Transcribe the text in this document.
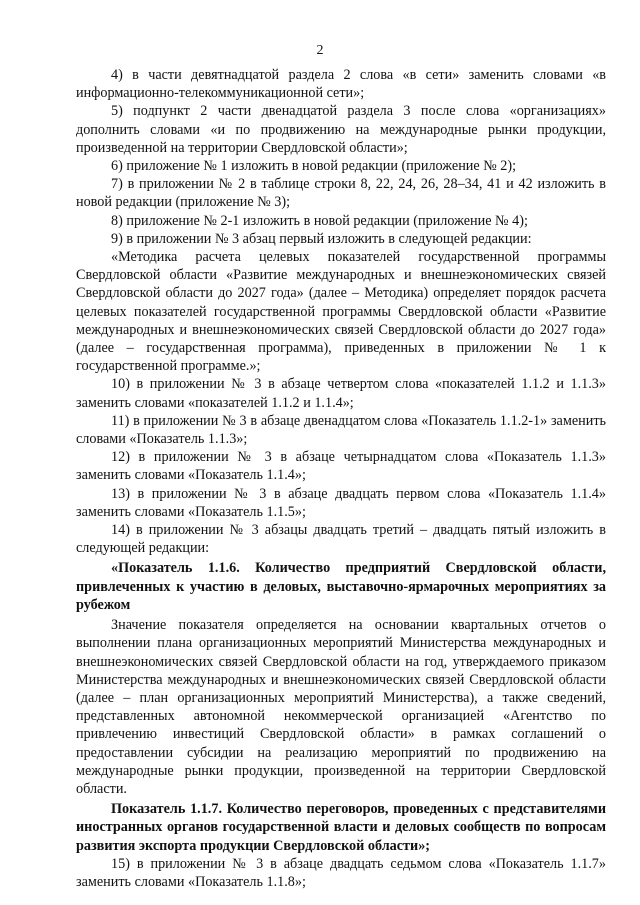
2

4) в части девятнадцатой раздела 2 слова «в сети» заменить словами «в информационно-телекоммуникационной сети»;

5) подпункт 2 части двенадцатой раздела 3 после слова «организациях» дополнить словами «и по продвижению на международные рынки продукции, произведенной на территории Свердловской области»;

6) приложение № 1 изложить в новой редакции (приложение № 2);

7) в приложении № 2 в таблице строки 8, 22, 24, 26, 28–34, 41 и 42 изложить в новой редакции (приложение № 3);

8) приложение № 2-1 изложить в новой редакции (приложение № 4);

9) в приложении № 3 абзац первый изложить в следующей редакции:

«Методика расчета целевых показателей государственной программы Свердловской области «Развитие международных и внешнеэкономических связей Свердловской области до 2027 года» (далее – Методика) определяет порядок расчета целевых показателей государственной программы Свердловской области «Развитие международных и внешнеэкономических связей Свердловской области до 2027 года» (далее – государственная программа), приведенных в приложении № 1 к государственной программе.»;

10) в приложении № 3 в абзаце четвертом слова «показателей 1.1.2 и 1.1.3» заменить словами «показателей 1.1.2 и 1.1.4»;

11) в приложении № 3 в абзаце двенадцатом слова «Показатель 1.1.2-1» заменить словами «Показатель 1.1.3»;

12) в приложении № 3 в абзаце четырнадцатом слова «Показатель 1.1.3» заменить словами «Показатель 1.1.4»;

13) в приложении № 3 в абзаце двадцать первом слова «Показатель 1.1.4» заменить словами «Показатель 1.1.5»;

14) в приложении № 3 абзацы двадцать третий – двадцать пятый изложить в следующей редакции:

«Показатель 1.1.6. Количество предприятий Свердловской области, привлеченных к участию в деловых, выставочно-ярмарочных мероприятиях за рубежом

Значение показателя определяется на основании квартальных отчетов о выполнении плана организационных мероприятий Министерства международных и внешнеэкономических связей Свердловской области на год, утверждаемого приказом Министерства международных и внешнеэкономических связей Свердловской области (далее – план организационных мероприятий Министерства), а также сведений, представленных автономной некоммерческой организацией «Агентство по привлечению инвестиций Свердловской области» в рамках соглашений о предоставлении субсидии на реализацию мероприятий по продвижению на международные рынки продукции, произведенной на территории Свердловской области.

Показатель 1.1.7. Количество переговоров, проведенных с представителями иностранных органов государственной власти и деловых сообществ по вопросам развития экспорта продукции Свердловской области»;

15) в приложении № 3 в абзаце двадцать седьмом слова «Показатель 1.1.7» заменить словами «Показатель 1.1.8»;
